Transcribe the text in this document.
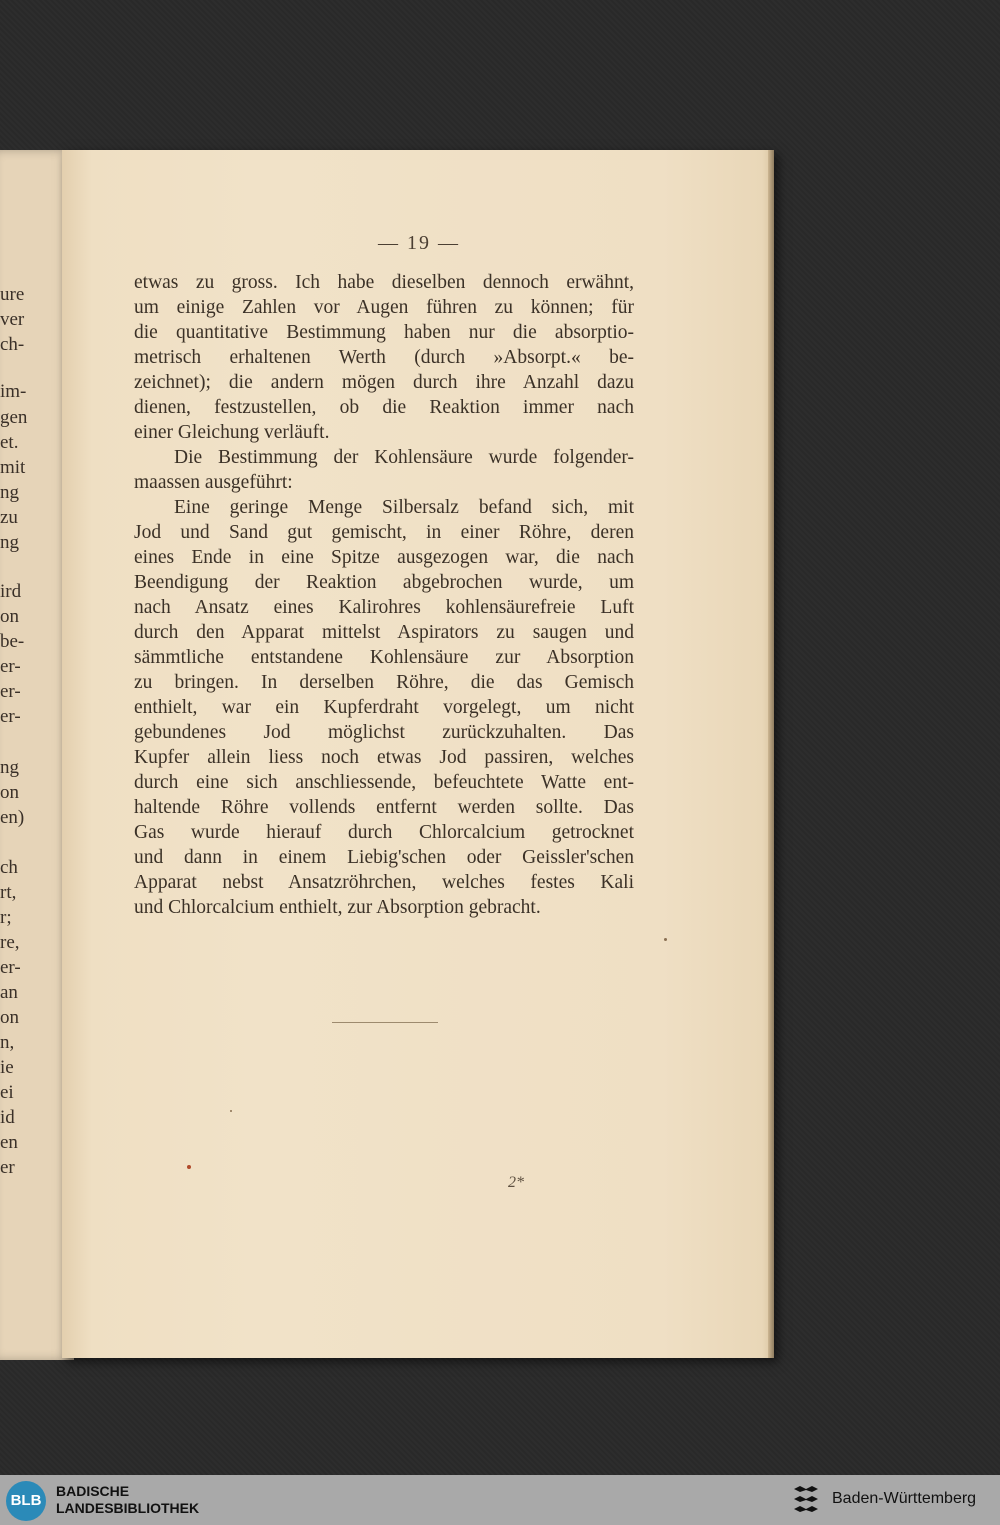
ure
ver
ch-
im-
gen
et.
mit
ng
zu
ng
ird
on
be-
er-
er-
er-
ng
on
en)
ch
rt,
r;
re,
er-
an
on
n,
ie
ei
id
en
er
— 19 —
etwas zu gross. Ich habe dieselben dennoch erwähnt,
um einige Zahlen vor Augen führen zu können; für
die quantitative Bestimmung haben nur die absorptio-
metrisch erhaltenen Werth (durch »Absorpt.« be-
zeichnet); die andern mögen durch ihre Anzahl dazu
dienen, festzustellen, ob die Reaktion immer nach
einer Gleichung verläuft.
Die Bestimmung der Kohlensäure wurde folgender-
maassen ausgeführt:
Eine geringe Menge Silbersalz befand sich, mit
Jod und Sand gut gemischt, in einer Röhre, deren
eines Ende in eine Spitze ausgezogen war, die nach
Beendigung der Reaktion abgebrochen wurde, um
nach Ansatz eines Kalirohres kohlensäurefreie Luft
durch den Apparat mittelst Aspirators zu saugen und
sämmtliche entstandene Kohlensäure zur Absorption
zu bringen. In derselben Röhre, die das Gemisch
enthielt, war ein Kupferdraht vorgelegt, um nicht
gebundenes Jod möglichst zurückzuhalten. Das
Kupfer allein liess noch etwas Jod passiren, welches
durch eine sich anschliessende, befeuchtete Watte ent-
haltende Röhre vollends entfernt werden sollte. Das
Gas wurde hierauf durch Chlorcalcium getrocknet
und dann in einem Liebig'schen oder Geissler'schen
Apparat nebst Ansatzröhrchen, welches festes Kali
und Chlorcalcium enthielt, zur Absorption gebracht.
2*
BLB
BADISCHE
LANDESBIBLIOTHEK
Baden-Württemberg
